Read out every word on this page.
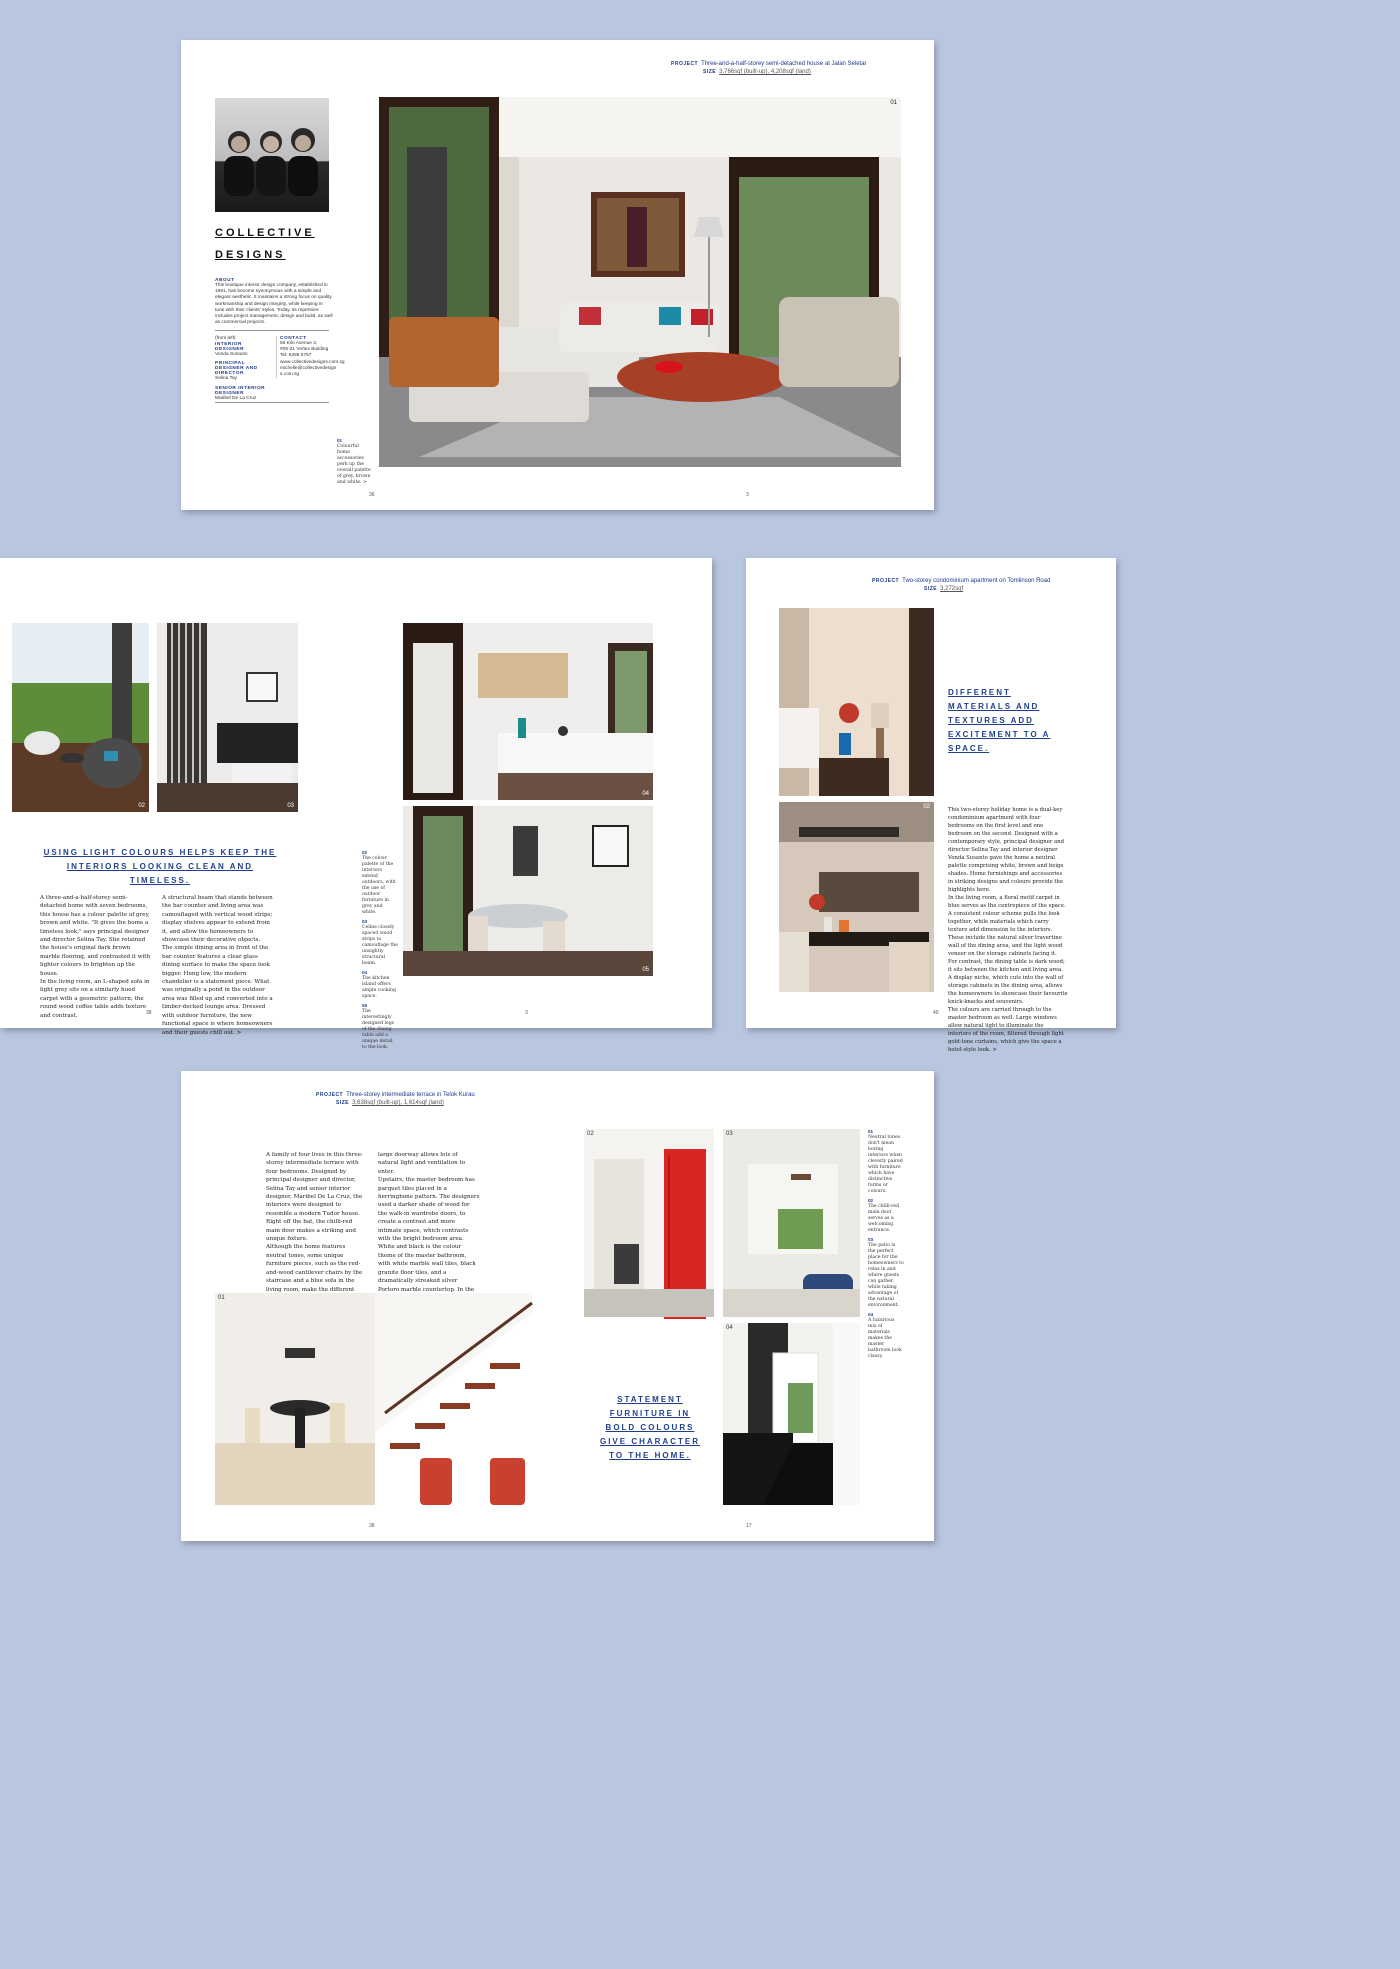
PROJECT Three-and-a-half-storey semi-detached house at Jalan Seletar
SIZE 3,766sqf (built-up), 4,208sqf (land)
COLLECTIVE
DESIGNS
ABOUT
This boutique interior design company, established in 1991, has become synonymous with a simple and elegant aesthetic. It maintains a strong focus on quality workmanship and design integrity, while keeping in tune with their clients' styles. Today, its repertoire includes project management, design and build, as well as commercial projects.
(from left)
INTERIOR DESIGNER
Vonda Susanto
PRINCIPAL DESIGNER AND DIRECTOR
Selina Tay
SENIOR INTERIOR DESIGNER
Maribel De La Cruz
CONTACT
58 Kilo Avenue 3,
#05-21 Vertex Building
Tel: 6285 6767
www.collectivedesigns.com.sg
michelle@collectivedesigns.com.sg
01
Colourful home accessories perk up the overall palette of grey, brown and white. >
01
36	3
02	03
USING LIGHT COLOURS HELPS KEEP THE INTERIORS LOOKING CLEAN AND TIMELESS.
A three-and-a-half-storey semi-detached home with seven bedrooms, this house has a colour palette of grey, brown and white. "It gives the home a timeless look," says principal designer and director Selina Tay. She retained the house's original dark brown marble flooring, and contrasted it with lighter colours to brighten up the house.
In the living room, an L-shaped sofa in light grey sits on a similarly hued carpet with a geometric pattern; the round wood coffee table adds texture and contrast.
A structural beam that stands between the bar counter and living area was camouflaged with vertical wood strips; display shelves appear to extend from it, and allow the homeowners to showcase their decorative objects.
The simple dining area in front of the bar counter features a clear glass dining surface to make the space look bigger. Hung low, the modern chandelier is a statement piece. What was originally a pond in the outdoor area was filled up and converted into a timber-decked lounge area. Dressed with outdoor furniture, the new functional space is where homeowners and their guests chill out. >
02
The colour palette of the interiors extend outdoors, with the use of outdoor furniture in grey and white.
03
Celine closely spaced wood strips to camouflage the unsightly structural beam.
04
The kitchen island offers ample cooking space.
05
The interestingly designed legs of the dining table add a unique detail to the look.
04
05
38	3
PROJECT Two-storey condominium apartment on Tomlinson Road
SIZE 3,272sqf
02
DIFFERENT MATERIALS AND TEXTURES ADD EXCITEMENT TO A SPACE.
This two-storey holiday home is a dual-key condominium apartment with four bedrooms on the first level and one bedroom on the second. Designed with a contemporary style, principal designer and director Selina Tay and interior designer Vonda Susanto gave the home a neutral palette comprising white, brown and beige shades. Home furnishings and accessories in striking designs and colours provide the highlights here.
In the living room, a floral motif carpet in blue serves as the centrepiece of the space. A consistent colour scheme pulls the look together, while materials which carry texture add dimension to the interiors. These include the natural silver travertine wall of the dining area, and the light wood veneer on the storage cabinets facing it.
For contrast, the dining table is dark wood; it sits between the kitchen and living area. A display niche, which cuts into the wall of storage cabinets in the dining area, allows the homeowners to showcase their favourite knick-knacks and souvenirs.
The colours are carried through to the master bedroom as well. Large windows allow natural light to illuminate the interiors of the room, filtered through light gold-tone curtains, which give the space a hotel-style look. >
40
PROJECT Three-storey intermediate terrace in Telok Kurau
SIZE 3,638sqf (built-up), 1,614sqf (land)
A family of four lives in this three-storey intermediate terrace with four bedrooms. Designed by principal designer and director, Selina Tay and senior interior designer, Maribel De La Cruz, the interiors were designed to resemble a modern Tudor house. Right off the bat, the chilli-red main door makes a striking and unique fixture.
Although the home features neutral tones, some unique furniture pieces, such as the red-and-wood cantilever chairs by the staircase and a blue sofa in the living room, make the different

large doorway allows lots of natural light and ventilation to enter.
Upstairs, the master bedroom has parquet tiles placed in a herringbone pattern. The designers used a darker shade of wood for the walk-in wardrobe doors, to create a contrast and more intimate space, which contrasts with the bright bedroom area.
White and black is the colour theme of the master bathroom, with white marble wall tiles, black granite floor tiles, and a dramatically streaked silver Portoro marble countertop. In the
01
02	03	01
Neutral tones don't mean boring interiors when cleverly paired with furniture which have distinctive forms or colours.
02
The chilli-red main door serves as a welcoming entrance.
03
The patio is the perfect place for the homeowners to relax in and where guests can gather, while taking advantage of the natural environment.
04
A luxurious mix of materials makes the master bathroom look classy.
STATEMENT FURNITURE IN BOLD COLOURS GIVE CHARACTER TO THE HOME.
04
38	17
